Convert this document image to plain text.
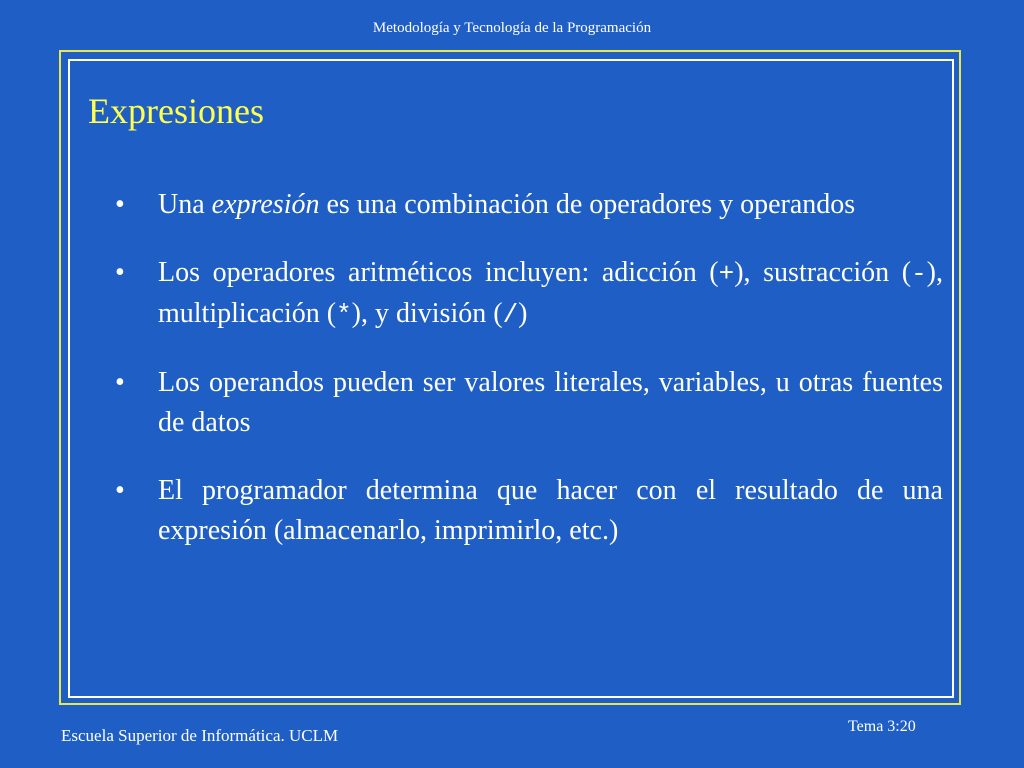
Metodología y Tecnología de la Programación
Expresiones
•	Una expresión es una combinación de operadores y operandos
•	Los operadores aritméticos incluyen: adicción (+), sustracción (-), multiplicación (*), y división (/)
•	Los operandos pueden ser valores literales, variables, u otras fuentes de datos
•	El programador determina que hacer con el resultado de una expresión (almacenarlo, imprimirlo, etc.)
Escuela Superior de Informática. UCLM	Tema 3:20
